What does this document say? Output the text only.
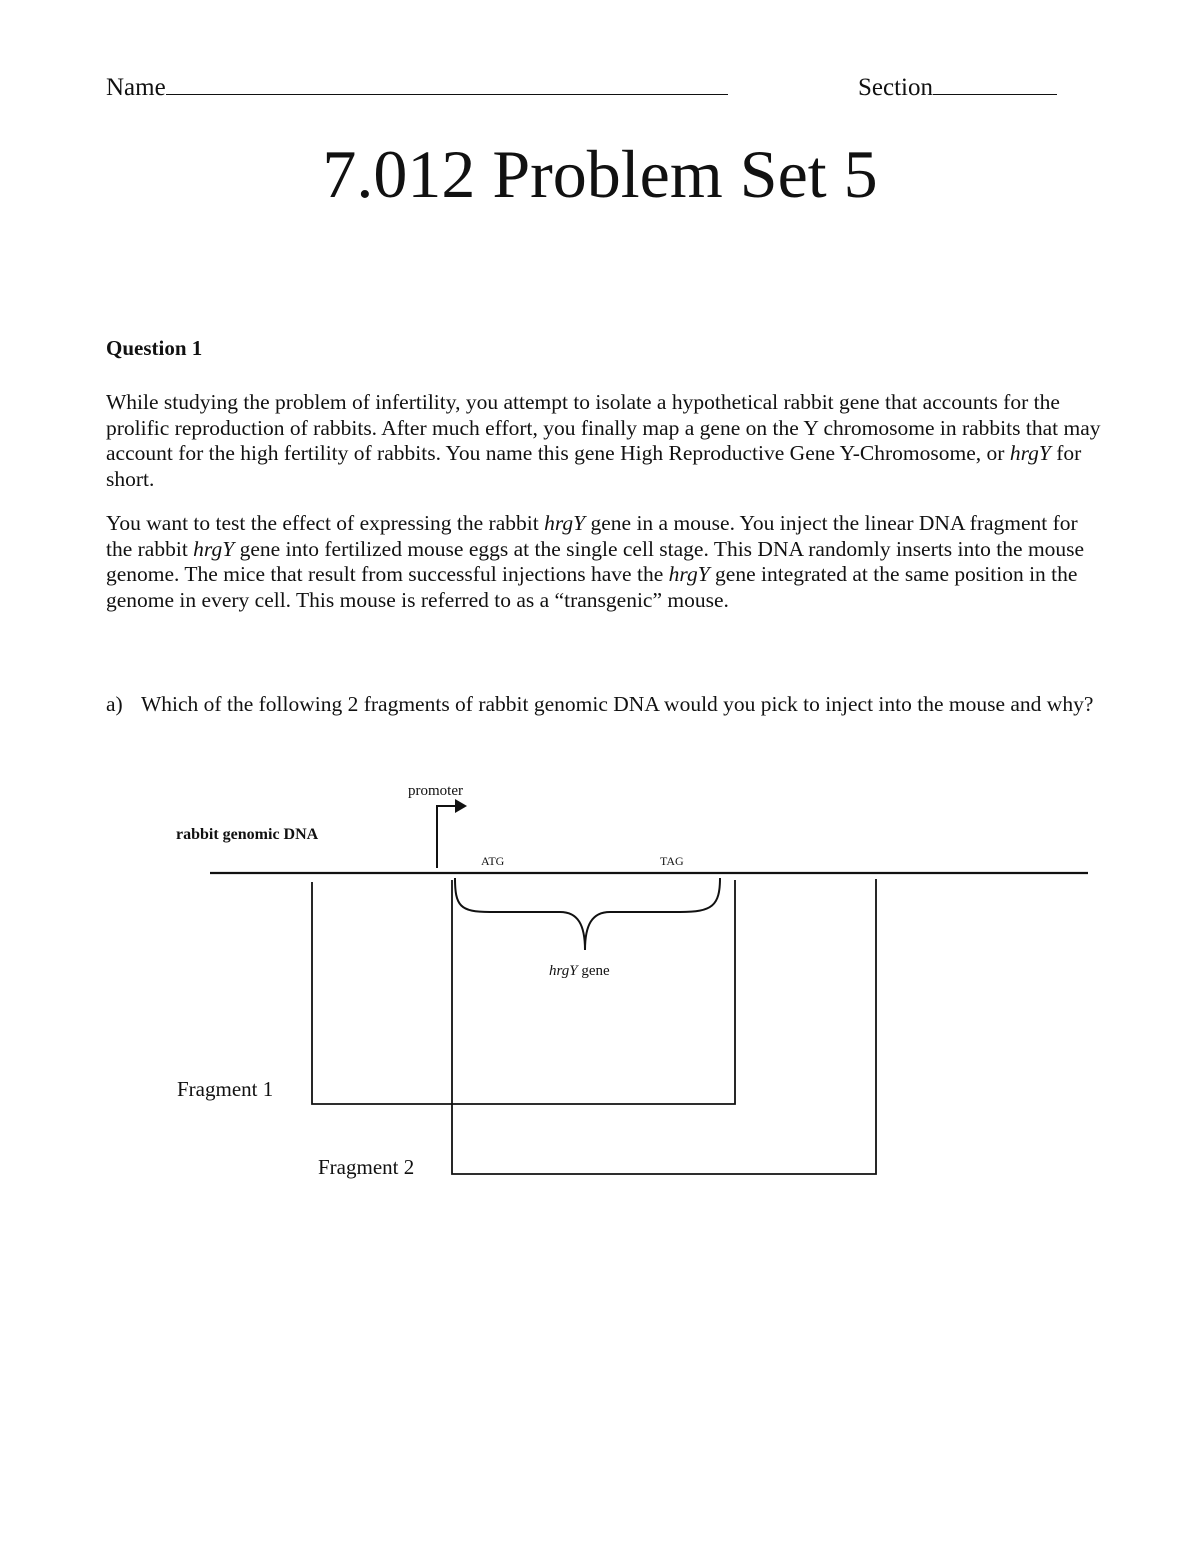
Name	Section
7.012 Problem Set 5
Question 1

While studying the problem of infertility, you attempt to isolate a hypothetical rabbit gene that accounts for the prolific reproduction of rabbits. After much effort, you finally map a gene on the Y chromosome in rabbits that may account for the high fertility of rabbits. You name this gene High Reproductive Gene Y-Chromosome, or hrgY for short.

You want to test the effect of expressing the rabbit hrgY gene in a mouse. You inject the linear DNA fragment for the rabbit hrgY gene into fertilized mouse eggs at the single cell stage. This DNA randomly inserts into the mouse genome. The mice that result from successful injections have the hrgY gene integrated at the same position in the genome in every cell. This mouse is referred to as a “transgenic” mouse.

a) Which of the following 2 fragments of rabbit genomic DNA would you pick to inject into the mouse and why?
promoter
rabbit genomic DNA
ATG	TAG
hrgY gene
Fragment 1
Fragment 2
